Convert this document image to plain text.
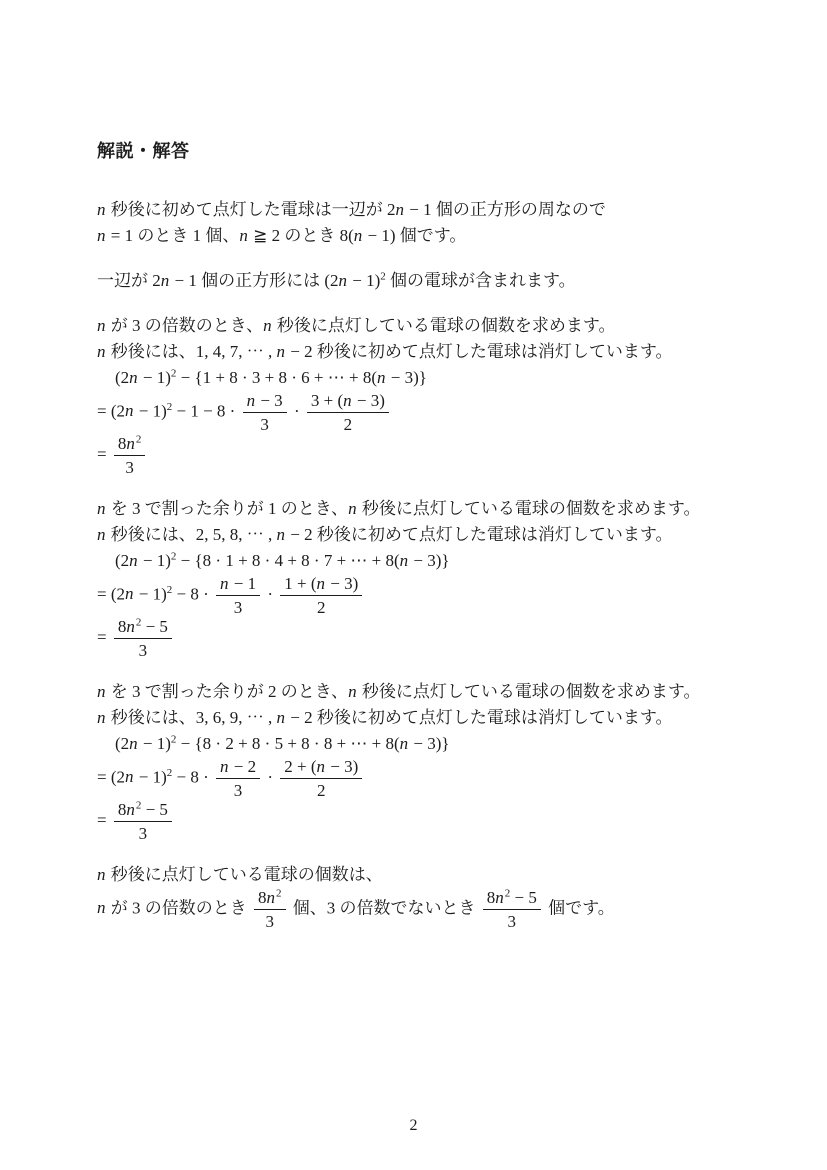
解説・解答
n 秒後に初めて点灯した電球は一辺が 2n − 1 個の正方形の周なので
n = 1 のとき 1 個、n ≧ 2 のとき 8(n − 1) 個です。
一辺が 2n − 1 個の正方形には $(2n - 1)^2$ 個の電球が含まれます。
n が 3 の倍数のとき、n 秒後に点灯している電球の個数を求めます。
n 秒後には、1, 4, 7, ⋯ , n − 2 秒後に初めて点灯した電球は消灯しています。
$(2n - 1)^2 - \{1 + 8 \cdot 3 + 8 \cdot 6$ + ⋯ + 8(n − 3)}
= $(2n - 1)^2 - 1 - 8 \cdot \frac{n - 3}{3} \cdot \frac{3 + (n - 3)}{2}$
= $\frac{8n^2}{3}$
n を 3 で割った余りが 1 のとき、n 秒後に点灯している電球の個数を求めます。
n 秒後には、2, 5, 8, ⋯ , n − 2 秒後に初めて点灯した電球は消灯しています。
$(2n - 1)^2 - \{8 \cdot 1 + 8 \cdot 4 + 8 \cdot 7$ + ⋯ + 8(n − 3)}
= $(2n - 1)^2 - 8 \cdot \frac{n - 1}{3} \cdot \frac{1 + (n - 3)}{2}$
= $\frac{8n^2 - 5}{3}$
n を 3 で割った余りが 2 のとき、n 秒後に点灯している電球の個数を求めます。
n 秒後には、3, 6, 9, ⋯ , n − 2 秒後に初めて点灯した電球は消灯しています。
$(2n - 1)^2 - \{8 \cdot 2 + 8 \cdot 5 + 8 \cdot 8$ + ⋯ + 8(n − 3)}
= $(2n - 1)^2 - 8 \cdot \frac{n - 2}{3} \cdot \frac{2 + (n - 3)}{2}$
= $\frac{8n^2 - 5}{3}$
n 秒後に点灯している電球の個数は、
n が 3 の倍数のとき $\frac{8n^2}{3}$ 個、3 の倍数でないとき $\frac{8n^2 - 5}{3}$ 個です。
2
